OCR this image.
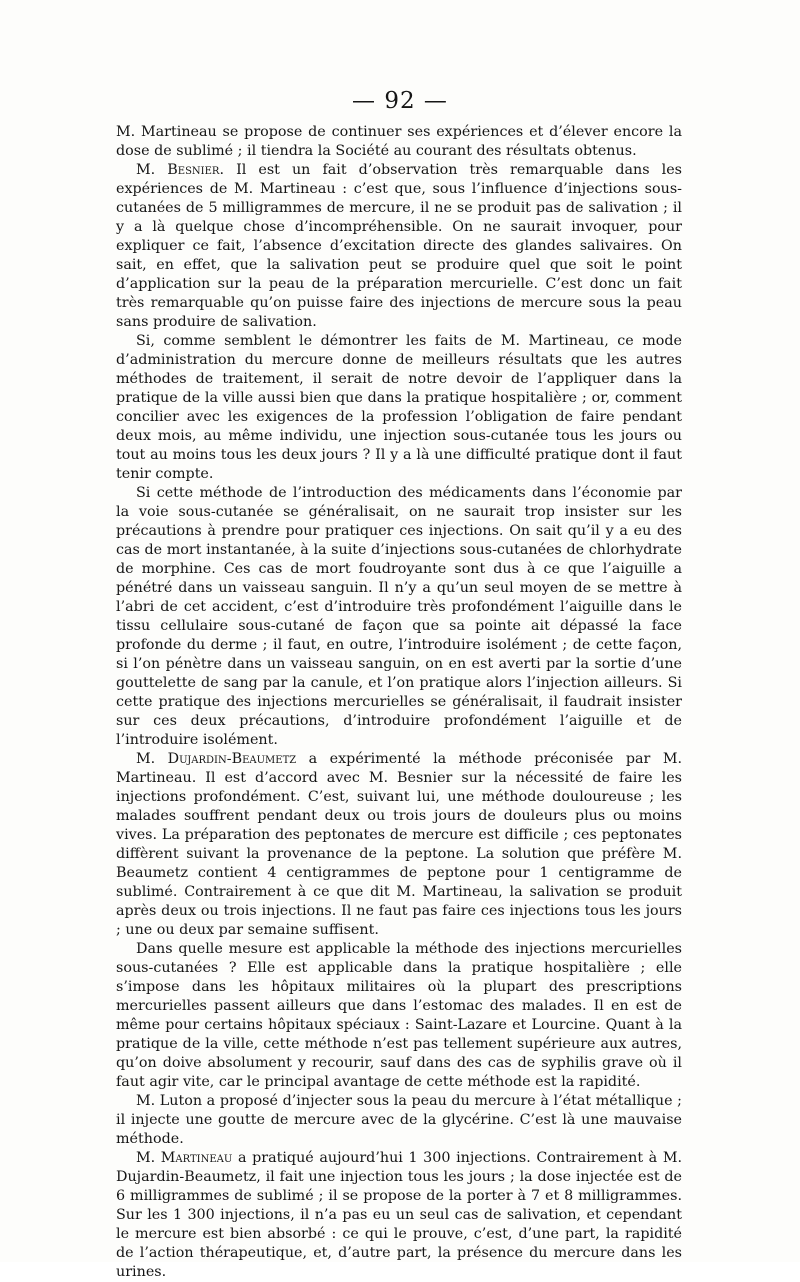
— 92 —

M. Martineau se propose de continuer ses expériences et d’élever encore la dose de sublimé ; il tiendra la Société au courant des résultats obtenus.

M. Besnier. Il est un fait d’observation très remarquable dans les expériences de M. Martineau : c’est que, sous l’influence d’injections sous-cutanées de 5 milligrammes de mercure, il ne se produit pas de salivation ; il y a là quelque chose d’incompréhensible. On ne saurait invoquer, pour expliquer ce fait, l’absence d’excitation directe des glandes salivaires. On sait, en effet, que la salivation peut se produire quel que soit le point d’application sur la peau de la préparation mercurielle. C’est donc un fait très remarquable qu’on puisse faire des injections de mercure sous la peau sans produire de salivation.

Si, comme semblent le démontrer les faits de M. Martineau, ce mode d’administration du mercure donne de meilleurs résultats que les autres méthodes de traitement, il serait de notre devoir de l’appliquer dans la pratique de la ville aussi bien que dans la pratique hospitalière ; or, comment concilier avec les exigences de la profession l’obligation de faire pendant deux mois, au même individu, une injection sous-cutanée tous les jours ou tout au moins tous les deux jours ? Il y a là une difficulté pratique dont il faut tenir compte.

Si cette méthode de l’introduction des médicaments dans l’économie par la voie sous-cutanée se généralisait, on ne saurait trop insister sur les précautions à prendre pour pratiquer ces injections. On sait qu’il y a eu des cas de mort instantanée, à la suite d’injections sous-cutanées de chlorhydrate de morphine. Ces cas de mort foudroyante sont dus à ce que l’aiguille a pénétré dans un vaisseau sanguin. Il n’y a qu’un seul moyen de se mettre à l’abri de cet accident, c’est d’introduire très profondément l’aiguille dans le tissu cellulaire sous-cutané de façon que sa pointe ait dépassé la face profonde du derme ; il faut, en outre, l’introduire isolément ; de cette façon, si l’on pénètre dans un vaisseau sanguin, on en est averti par la sortie d’une gouttelette de sang par la canule, et l’on pratique alors l’injection ailleurs. Si cette pratique des injections mercurielles se généralisait, il faudrait insister sur ces deux précautions, d’introduire profondément l’aiguille et de l’introduire isolément.

M. Dujardin-Beaumetz a expérimenté la méthode préconisée par M. Martineau. Il est d’accord avec M. Besnier sur la nécessité de faire les injections profondément. C’est, suivant lui, une méthode douloureuse ; les malades souffrent pendant deux ou trois jours de douleurs plus ou moins vives. La préparation des peptonates de mercure est difficile ; ces peptonates diffèrent suivant la provenance de la peptone. La solution que préfère M. Beaumetz contient 4 centigrammes de peptone pour 1 centigramme de sublimé. Contrairement à ce que dit M. Martineau, la salivation se produit après deux ou trois injections. Il ne faut pas faire ces injections tous les jours ; une ou deux par semaine suffisent.

Dans quelle mesure est applicable la méthode des injections mercurielles sous-cutanées ? Elle est applicable dans la pratique hospitalière ; elle s’impose dans les hôpitaux militaires où la plupart des prescriptions mercurielles passent ailleurs que dans l’estomac des malades. Il en est de même pour certains hôpitaux spéciaux : Saint-Lazare et Lourcine. Quant à la pratique de la ville, cette méthode n’est pas tellement supérieure aux autres, qu’on doive absolument y recourir, sauf dans des cas de syphilis grave où il faut agir vite, car le principal avantage de cette méthode est la rapidité.

M. Luton a proposé d’injecter sous la peau du mercure à l’état métallique ; il injecte une goutte de mercure avec de la glycérine. C’est là une mauvaise méthode.

M. Martineau a pratiqué aujourd’hui 1 300 injections. Contrairement à M. Dujardin-Beaumetz, il fait une injection tous les jours ; la dose injectée est de 6 milligrammes de sublimé ; il se propose de la porter à 7 et 8 milligrammes. Sur les 1 300 injections, il n’a pas eu un seul cas de salivation, et cependant le mercure est bien absorbé : ce qui le prouve, c’est, d’une part, la rapidité de l’action thérapeutique, et, d’autre part, la présence du mercure dans les urines.
